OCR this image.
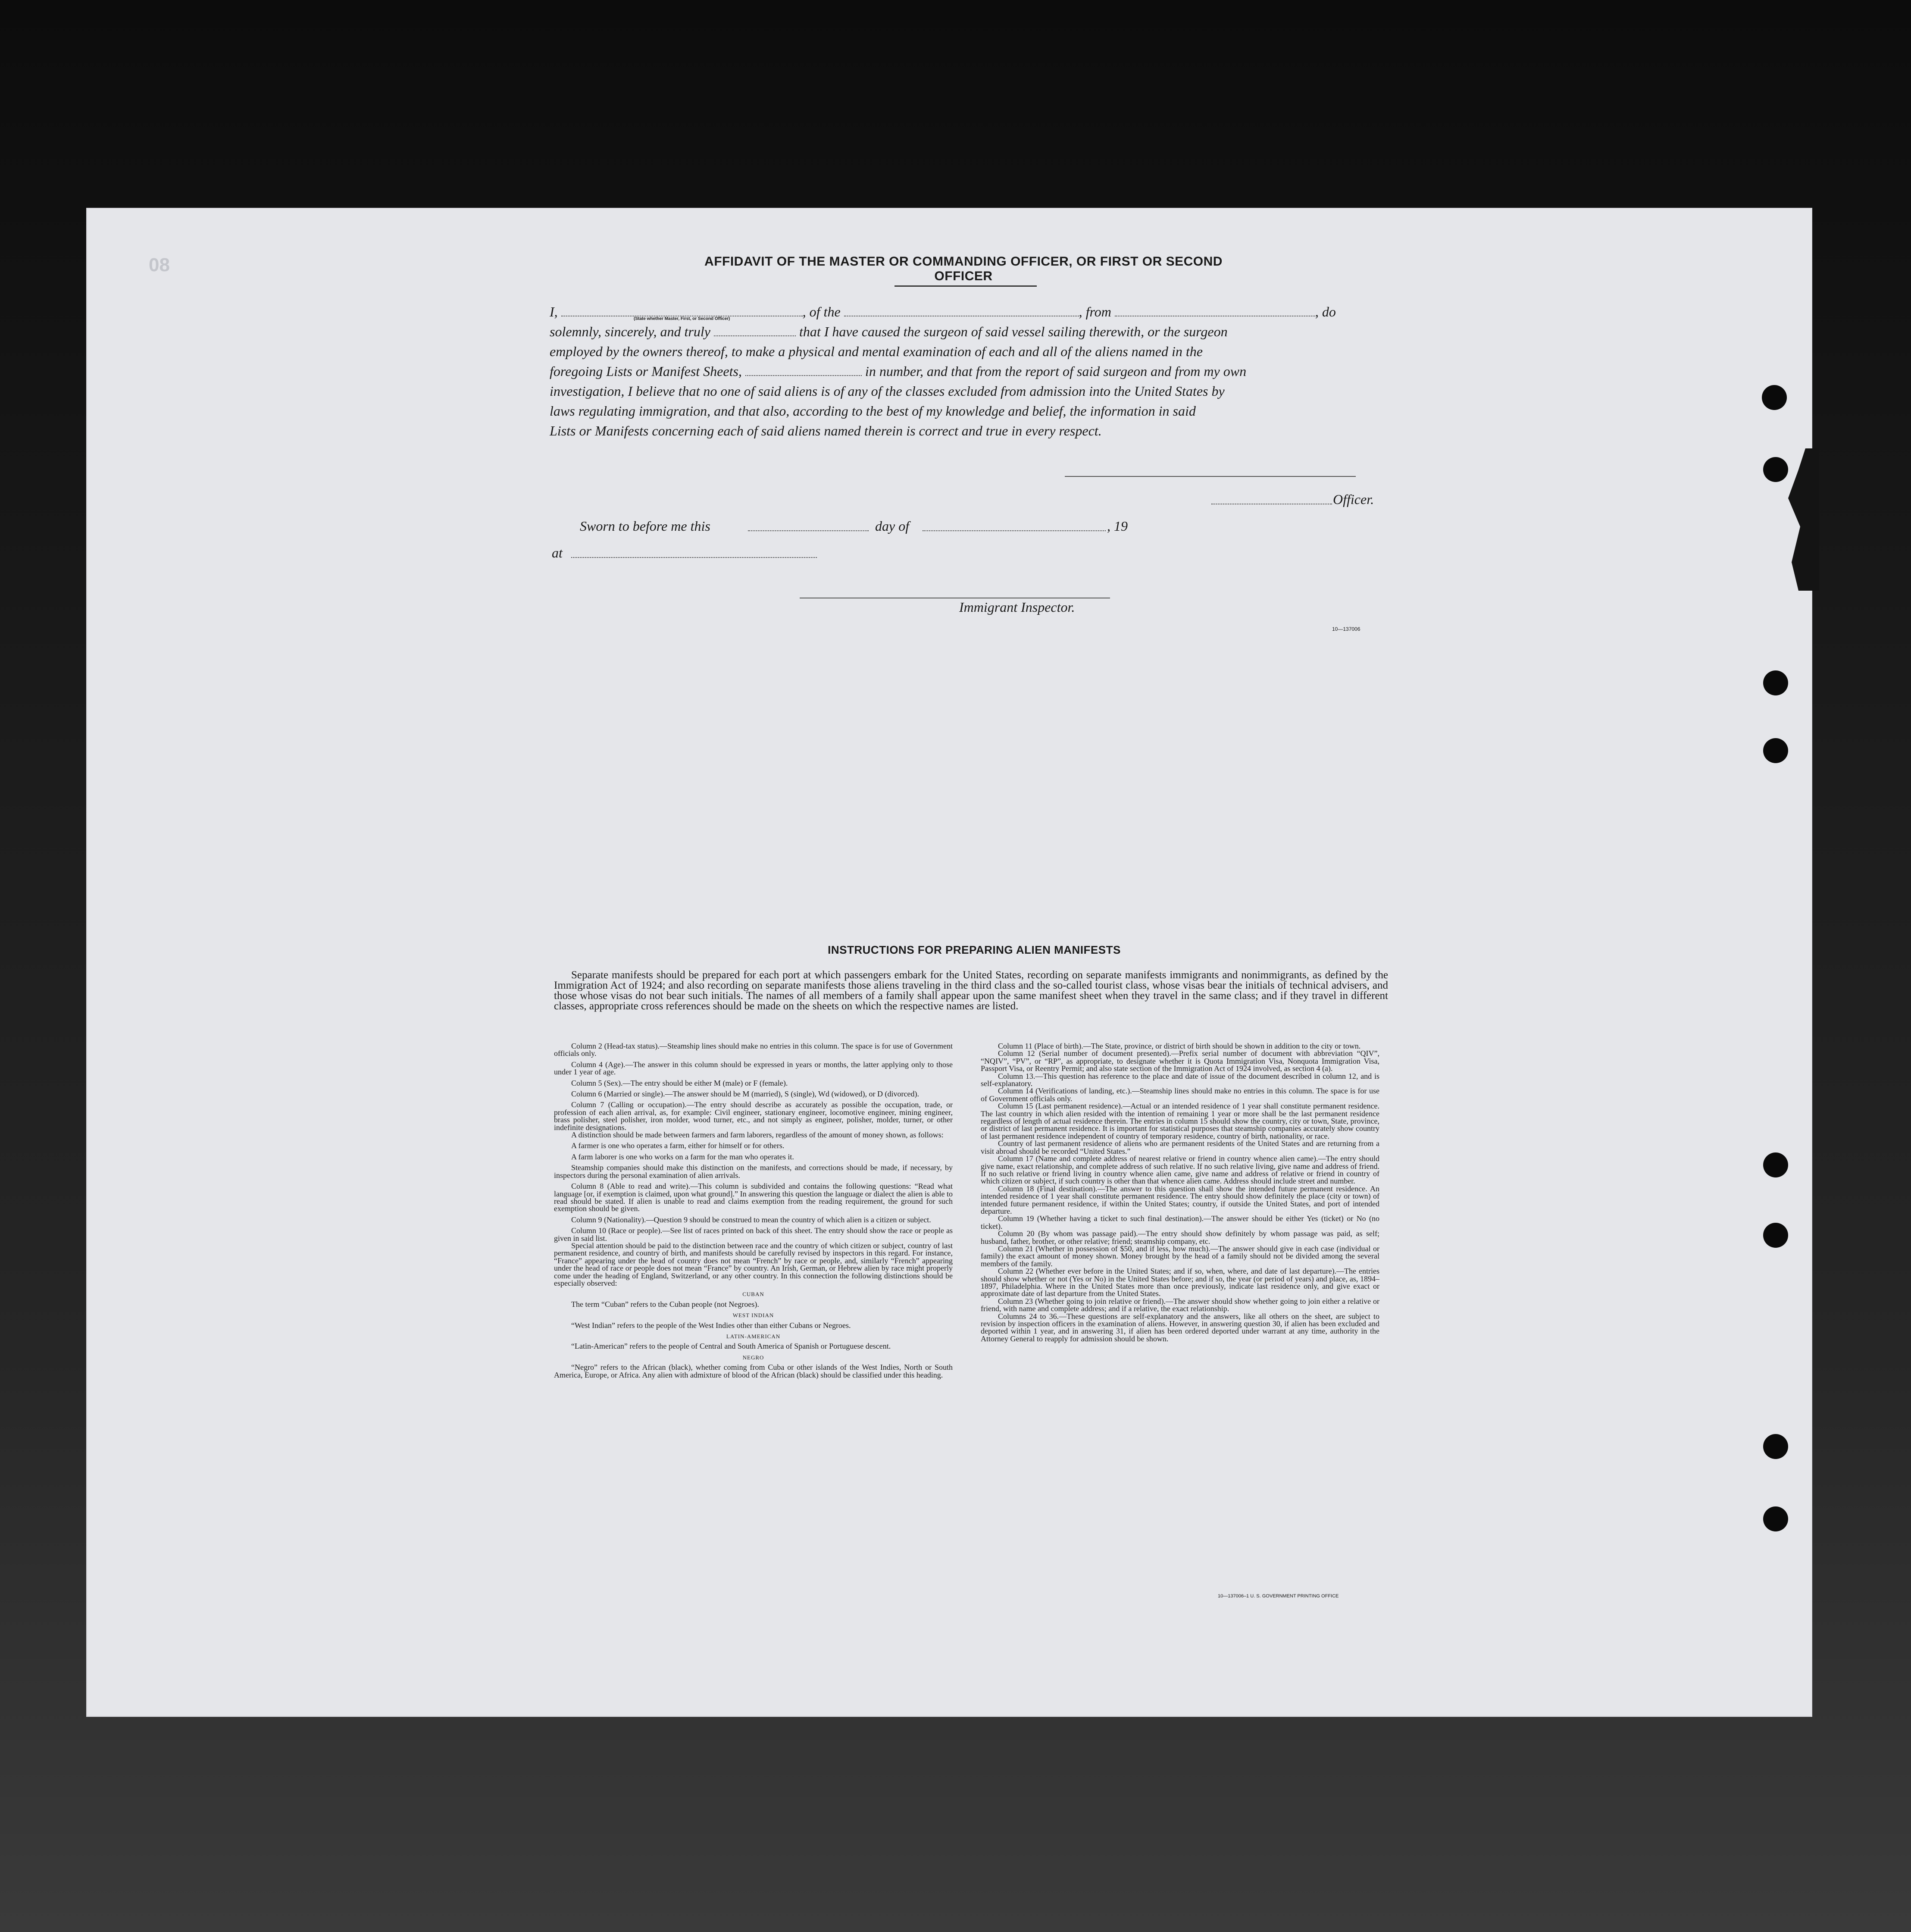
08	AFFIDAVIT OF THE MASTER OR COMMANDING OFFICER, OR FIRST OR SECOND OFFICER
I,	, of the	, from	, do
solemnly, sincerely, and truly	that I have caused the surgeon of said vessel sailing therewith, or the surgeon
employed by the owners thereof, to make a physical and mental examination of each and all of the aliens named in the
foregoing Lists or Manifest Sheets,	in number, and that from the report of said surgeon and from my own
investigation, I believe that no one of said aliens is of any of the classes excluded from admission into the United States by
laws regulating immigration, and that also, according to the best of my knowledge and belief, the information in said
Lists or Manifests concerning each of said aliens named therein is correct and true in every respect.
(State whether Master, First, or Second Officer)
Officer.
Sworn to before me this	day of	, 19
at
Immigrant Inspector.
10—137006
INSTRUCTIONS FOR PREPARING ALIEN MANIFESTS
Separate manifests should be prepared for each port at which passengers embark for the United States, recording on separate manifests immigrants and nonimmigrants, as defined by the Immigration Act of 1924; and also recording on separate manifests those aliens traveling in the third class and the so-called tourist class, whose visas bear the initials of technical advisers, and those whose visas do not bear such initials. The names of all members of a family shall appear upon the same manifest sheet when they travel in the same class; and if they travel in different classes, appropriate cross references should be made on the sheets on which the respective names are listed.

Column 2 (Head-tax status).—Steamship lines should make no entries in this column. The space is for use of Government officials only.

Column 4 (Age).—The answer in this column should be expressed in years or months, the latter applying only to those under 1 year of age.

Column 5 (Sex).—The entry should be either M (male) or F (female).

Column 6 (Married or single).—The answer should be M (married), S (single), Wd (widowed), or D (divorced).

Column 7 (Calling or occupation).—The entry should describe as accurately as possible the occupation, trade, or profession of each alien arrival, as, for example: Civil engineer, stationary engineer, locomotive engineer, mining engineer, brass polisher, steel polisher, iron molder, wood turner, etc., and not simply as engineer, polisher, molder, turner, or other indefinite designations.

A distinction should be made between farmers and farm laborers, regardless of the amount of money shown, as follows:

A farmer is one who operates a farm, either for himself or for others.

A farm laborer is one who works on a farm for the man who operates it.

Steamship companies should make this distinction on the manifests, and corrections should be made, if necessary, by inspectors during the personal examination of alien arrivals.

Column 8 (Able to read and write).—This column is subdivided and contains the following questions: “Read what language [or, if exemption is claimed, upon what ground].” In answering this question the language or dialect the alien is able to read should be stated. If alien is unable to read and claims exemption from the reading requirement, the ground for such exemption should be given.

Column 9 (Nationality).—Question 9 should be construed to mean the country of which alien is a citizen or subject.

Column 10 (Race or people).—See list of races printed on back of this sheet. The entry should show the race or people as given in said list.

Special attention should be paid to the distinction between race and the country of which citizen or subject, country of last permanent residence, and country of birth, and manifests should be carefully revised by inspectors in this regard. For instance, “France” appearing under the head of country does not mean “French” by race or people, and, similarly “French” appearing under the head of race or people does not mean “France” by country. An Irish, German, or Hebrew alien by race might properly come under the heading of England, Switzerland, or any other country. In this connection the following distinctions should be especially observed:

CUBAN

The term “Cuban” refers to the Cuban people (not Negroes).

WEST INDIAN

“West Indian” refers to the people of the West Indies other than either Cubans or Negroes.

LATIN-AMERICAN

“Latin-American” refers to the people of Central and South America of Spanish or Portuguese descent.

NEGRO

“Negro” refers to the African (black), whether coming from Cuba or other islands of the West Indies, North or South America, Europe, or Africa. Any alien with admixture of blood of the African (black) should be classified under this heading.

Column 11 (Place of birth).—The State, province, or district of birth should be shown in addition to the city or town.

Column 12 (Serial number of document presented).—Prefix serial number of document with abbreviation “QIV”, “NQIV”, “PV”, or “RP”, as appropriate, to designate whether it is Quota Immigration Visa, Nonquota Immigration Visa, Passport Visa, or Reentry Permit; and also state section of the Immigration Act of 1924 involved, as section 4 (a).

Column 13.—This question has reference to the place and date of issue of the document described in column 12, and is self-explanatory.

Column 14 (Verifications of landing, etc.).—Steamship lines should make no entries in this column. The space is for use of Government officials only.

Column 15 (Last permanent residence).—Actual or an intended residence of 1 year shall constitute permanent residence. The last country in which alien resided with the intention of remaining 1 year or more shall be the last permanent residence regardless of length of actual residence therein. The entries in column 15 should show the country, city or town, State, province, or district of last permanent residence. It is important for statistical purposes that steamship companies accurately show country of last permanent residence independent of country of temporary residence, country of birth, nationality, or race.

Country of last permanent residence of aliens who are permanent residents of the United States and are returning from a visit abroad should be recorded “United States.”

Column 17 (Name and complete address of nearest relative or friend in country whence alien came).—The entry should give name, exact relationship, and complete address of such relative. If no such relative living, give name and address of friend. If no such relative or friend living in country whence alien came, give name and address of relative or friend in country of which citizen or subject, if such country is other than that whence alien came. Address should include street and number.

Column 18 (Final destination).—The answer to this question shall show the intended future permanent residence. An intended residence of 1 year shall constitute permanent residence. The entry should show definitely the place (city or town) of intended future permanent residence, if within the United States; country, if outside the United States, and port of intended departure.

Column 19 (Whether having a ticket to such final destination).—The answer should be either Yes (ticket) or No (no ticket).

Column 20 (By whom was passage paid).—The entry should show definitely by whom passage was paid, as self; husband, father, brother, or other relative; friend; steamship company, etc.

Column 21 (Whether in possession of $50, and if less, how much).—The answer should give in each case (individual or family) the exact amount of money shown. Money brought by the head of a family should not be divided among the several members of the family.

Column 22 (Whether ever before in the United States; and if so, when, where, and date of last departure).—The entries should show whether or not (Yes or No) in the United States before; and if so, the year (or period of years) and place, as, 1894–1897, Philadelphia. Where in the United States more than once previously, indicate last residence only, and give exact or approximate date of last departure from the United States.

Column 23 (Whether going to join relative or friend).—The answer should show whether going to join either a relative or friend, with name and complete address; and if a relative, the exact relationship.

Columns 24 to 36.—These questions are self-explanatory and the answers, like all others on the sheet, are subject to revision by inspection officers in the examination of aliens. However, in answering question 30, if alien has been excluded and deported within 1 year, and in answering 31, if alien has been ordered deported under warrant at any time, authority in the Attorney General to reapply for admission should be shown.

10—137006–1 U. S. GOVERNMENT PRINTING OFFICE
